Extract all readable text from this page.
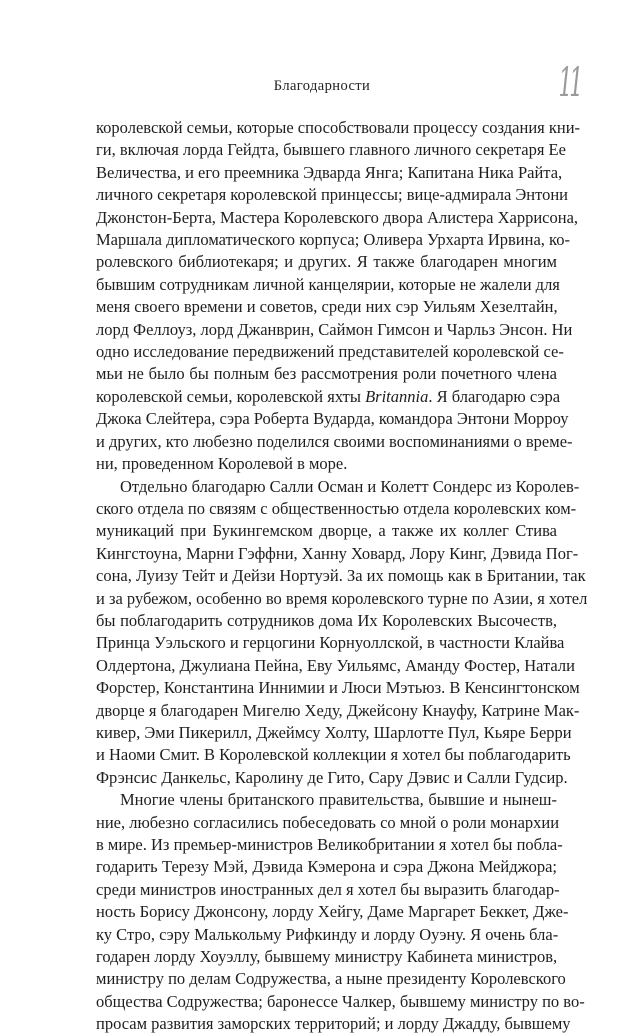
Благодарности	11

королевской семьи, которые способствовали процессу создания кни-
ги, включая лорда Гейдта, бывшего главного личного секретаря Ее
Величества, и его преемника Эдварда Янга; Капитана Ника Райта,
личного секретаря королевской принцессы; вице-адмирала Энтони
Джонстон-Берта, Мастера Королевского двора Алистера Харрисона,
Маршала дипломатического корпуса; Оливера Урхарта Ирвина, ко-
ролевского библиотекаря; и других. Я также благодарен многим
бывшим сотрудникам личной канцелярии, которые не жалели для
меня своего времени и советов, среди них сэр Уильям Хезелтайн,
лорд Феллоуз, лорд Джанврин, Саймон Гимсон и Чарльз Энсон. Ни
одно исследование передвижений представителей королевской се-
мьи не было бы полным без рассмотрения роли почетного члена
королевской семьи, королевской яхты Britannia. Я благодарю сэра
Джока Слейтера, сэра Роберта Вударда, командора Энтони Морроу
и других, кто любезно поделился своими воспоминаниями о време-
ни, проведенном Королевой в море.

Отдельно благодарю Салли Осман и Колетт Сондерс из Королев-
ского отдела по связям с общественностью отдела королевских ком-
муникаций при Букингемском дворце, а также их коллег Стива
Кингстоуна, Марни Гэффни, Ханну Ховард, Лору Кинг, Дэвида Пог-
сона, Луизу Тейт и Дейзи Нортуэй. За их помощь как в Британии, так
и за рубежом, особенно во время королевского турне по Азии, я хотел
бы поблагодарить сотрудников дома Их Королевских Высочеств,
Принца Уэльского и герцогини Корнуоллской, в частности Клайва
Олдертона, Джулиана Пейна, Еву Уильямс, Аманду Фостер, Натали
Форстер, Константина Иннимии и Люси Мэтьюз. В Кенсингтонском
дворце я благодарен Мигелю Хеду, Джейсону Кнауфу, Катрине Мак-
кивер, Эми Пикерилл, Джеймсу Холту, Шарлотте Пул, Кьяре Берри
и Наоми Смит. В Королевской коллекции я хотел бы поблагодарить
Фрэнсис Данкельс, Каролину де Гито, Сару Дэвис и Салли Гудсир.

Многие члены британского правительства, бывшие и нынеш-
ние, любезно согласились побеседовать со мной о роли монархии
в мире. Из премьер-министров Великобритании я хотел бы побла-
годарить Терезу Мэй, Дэвида Кэмерона и сэра Джона Мейджора;
среди министров иностранных дел я хотел бы выразить благодар-
ность Борису Джонсону, лорду Хейгу, Даме Маргарет Беккет, Дже-
ку Стро, сэру Малькольму Рифкинду и лорду Оуэну. Я очень бла-
годарен лорду Хоуэллу, бывшему министру Кабинета министров,
министру по делам Содружества, а ныне президенту Королевского
общества Содружества; баронессе Чалкер, бывшему министру по во-
просам развития заморских территорий; и лорду Джадду, бывшему
